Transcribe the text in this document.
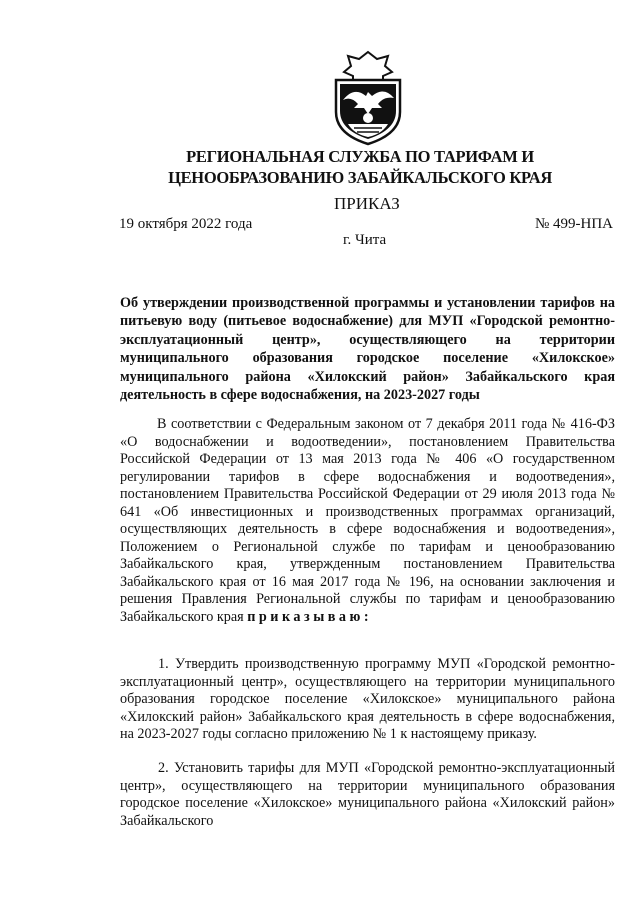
РЕГИОНАЛЬНАЯ СЛУЖБА ПО ТАРИФАМ И
ЦЕНООБРАЗОВАНИЮ ЗАБАЙКАЛЬСКОГО КРАЯ
ПРИКАЗ
19 октября 2022 года	№ 499-НПА
г. Чита
Об утверждении производственной программы и установлении тарифов на питьевую воду (питьевое водоснабжение) для МУП «Городской ремонтно-эксплуатационный центр», осуществляющего на территории муниципального образования городское поселение «Хилокское» муниципального района «Хилокский район» Забайкальского края деятельность в сфере водоснабжения, на 2023-2027 годы
В соответствии с Федеральным законом от 7 декабря 2011 года № 416-ФЗ «О водоснабжении и водоотведении», постановлением Правительства Российской Федерации от 13 мая 2013 года № 406 «О государственном регулировании тарифов в сфере водоснабжения и водоотведения», постановлением Правительства Российской Федерации от 29 июля 2013 года № 641 «Об инвестиционных и производственных программах организаций, осуществляющих деятельность в сфере водоснабжения и водоотведения», Положением о Региональной службе по тарифам и ценообразованию Забайкальского края, утвержденным постановлением Правительства Забайкальского края от 16 мая 2017 года № 196, на основании заключения и решения Правления Региональной службы по тарифам и ценообразованию Забайкальского края приказываю:
1. Утвердить производственную программу МУП «Городской ремонтно-эксплуатационный центр», осуществляющего на территории муниципального образования городское поселение «Хилокское» муниципального района «Хилокский район» Забайкальского края деятельность в сфере водоснабжения, на 2023-2027 годы согласно приложению № 1 к настоящему приказу.
2. Установить тарифы для МУП «Городской ремонтно-эксплуатационный центр», осуществляющего на территории муниципального образования городское поселение «Хилокское» муниципального района «Хилокский район» Забайкальского
